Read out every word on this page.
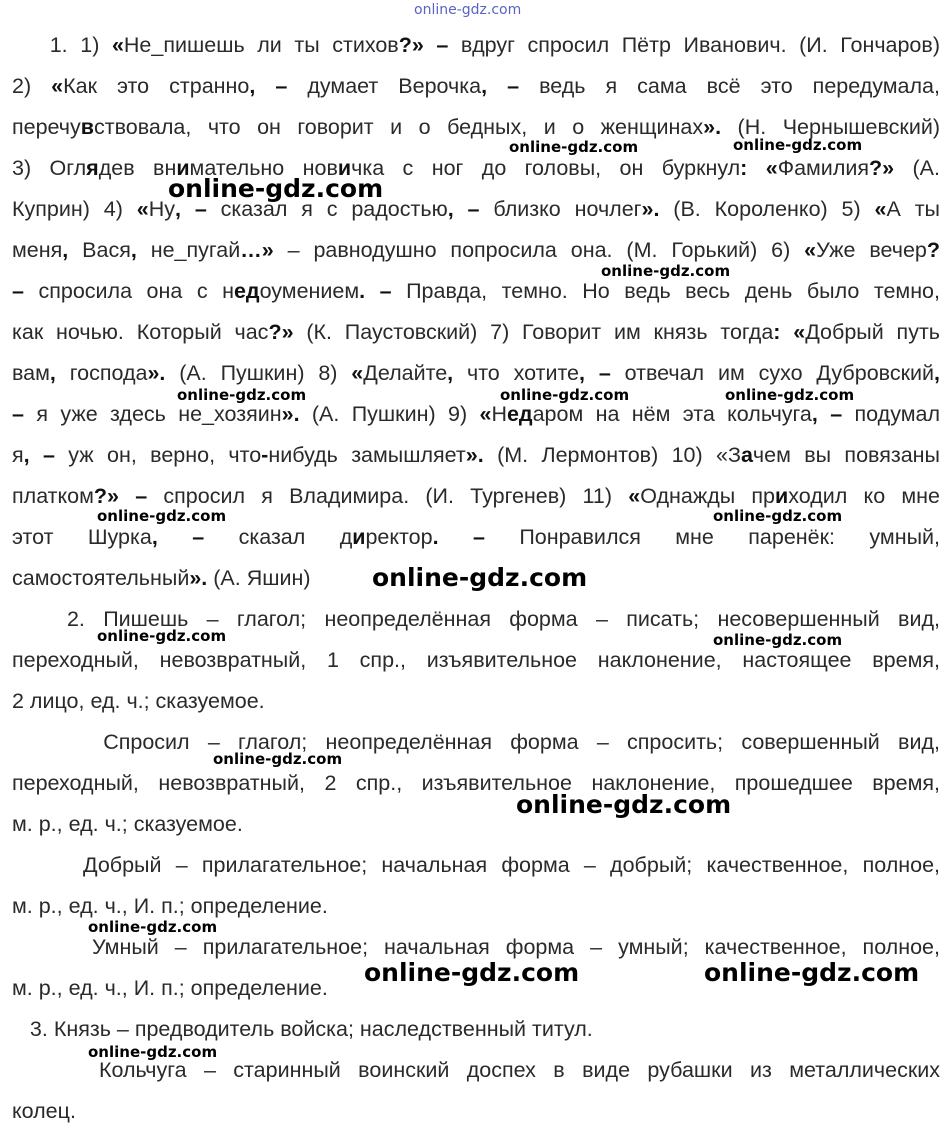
1. 1) «Не_пишешь ли ты стихов?» – вдруг спросил Пётр Иванович. (И. Гончаров)
2) «Как это странно, – думает Верочка, – ведь я сама всё это передумала,
перечувствовала, что он говорит и о бедных, и о женщинах». (Н. Чернышевский)
3) Оглядев внимательно новичка с ног до головы, он буркнул: «Фамилия?» (А.
Куприн) 4) «Ну, – сказал я с радостью, – близко ночлег». (В. Короленко) 5) «А ты
меня, Вася, не_пугай…» – равнодушно попросила она. (М. Горький) 6) «Уже вечер?
– спросила она с недоумением. – Правда, темно. Но ведь весь день было темно,
как ночью. Который час?» (К. Паустовский) 7) Говорит им князь тогда: «Добрый путь
вам, господа». (А. Пушкин) 8) «Делайте, что хотите, – отвечал им сухо Дубровский,
– я уже здесь не_хозяин». (А. Пушкин) 9) «Недаром на нём эта кольчуга, – подумал
я, – уж он, верно, что-нибудь замышляет». (М. Лермонтов) 10) «Зачем вы повязаны
платком?» – спросил я Владимира. (И. Тургенев) 11) «Однажды приходил ко мне
этот Шурка, – сказал директор. – Понравился мне паренёк: умный,
самостоятельный». (А. Яшин)
2. Пишешь – глагол; неопределённая форма – писать; несовершенный вид,
переходный, невозвратный, 1 спр., изъявительное наклонение, настоящее время,
2 лицо, ед. ч.; сказуемое.
Спросил – глагол; неопределённая форма – спросить; совершенный вид,
переходный, невозвратный, 2 спр., изъявительное наклонение, прошедшее время,
м. р., ед. ч.; сказуемое.
Добрый – прилагательное; начальная форма – добрый; качественное, полное,
м. р., ед. ч., И. п.; определение.
Умный – прилагательное; начальная форма – умный; качественное, полное,
м. р., ед. ч., И. п.; определение.
3. Князь – предводитель войска; наследственный титул.
Кольчуга – старинный воинский доспех в виде рубашки из металлических
колец.
online-gdz.com
online-gdz.com	online-gdz.com
online-gdz.com
online-gdz.com
online-gdz.com	online-gdz.com	online-gdz.com
online-gdz.com	online-gdz.com
online-gdz.com
online-gdz.com	online-gdz.com
online-gdz.com
online-gdz.com
online-gdz.com
online-gdz.com	online-gdz.com
online-gdz.com
